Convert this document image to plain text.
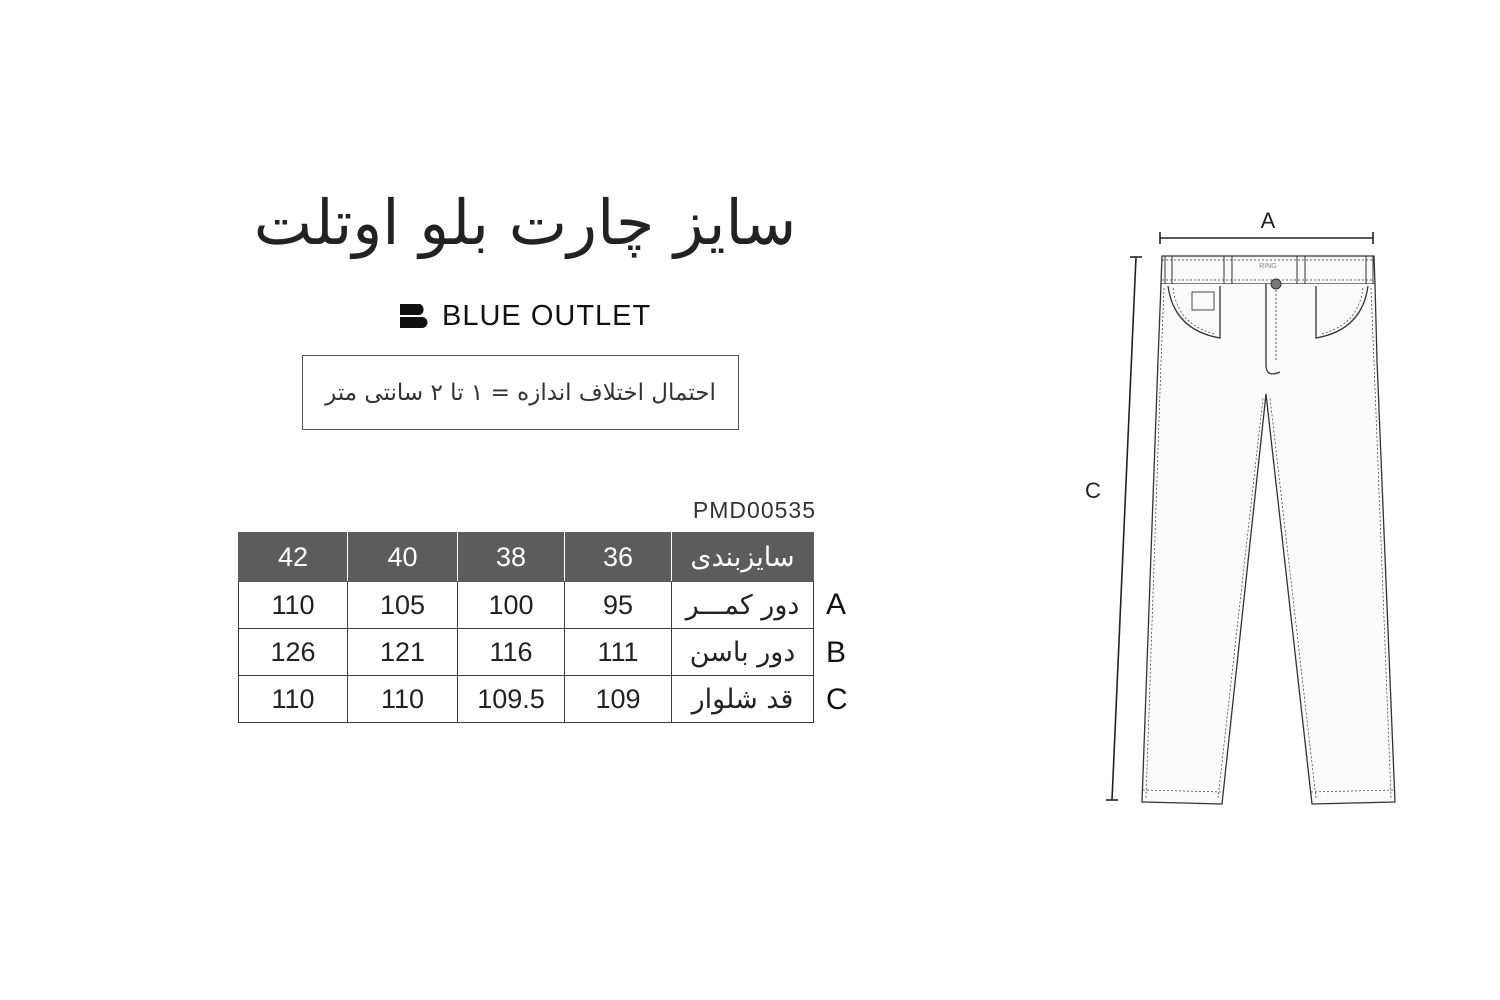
سایز چارت بلو اوتلت
BLUE OUTLET
احتمال اختلاف اندازه = ۱ تا ۲ سانتی متر
PMD00535
42	40	38	36	سایزبندی
110	105	100	95	دور کمـــر
126	121	116	111	دور باسن
110	110	109.5	109	قد شلوار
A
B
C
A
C
RING
